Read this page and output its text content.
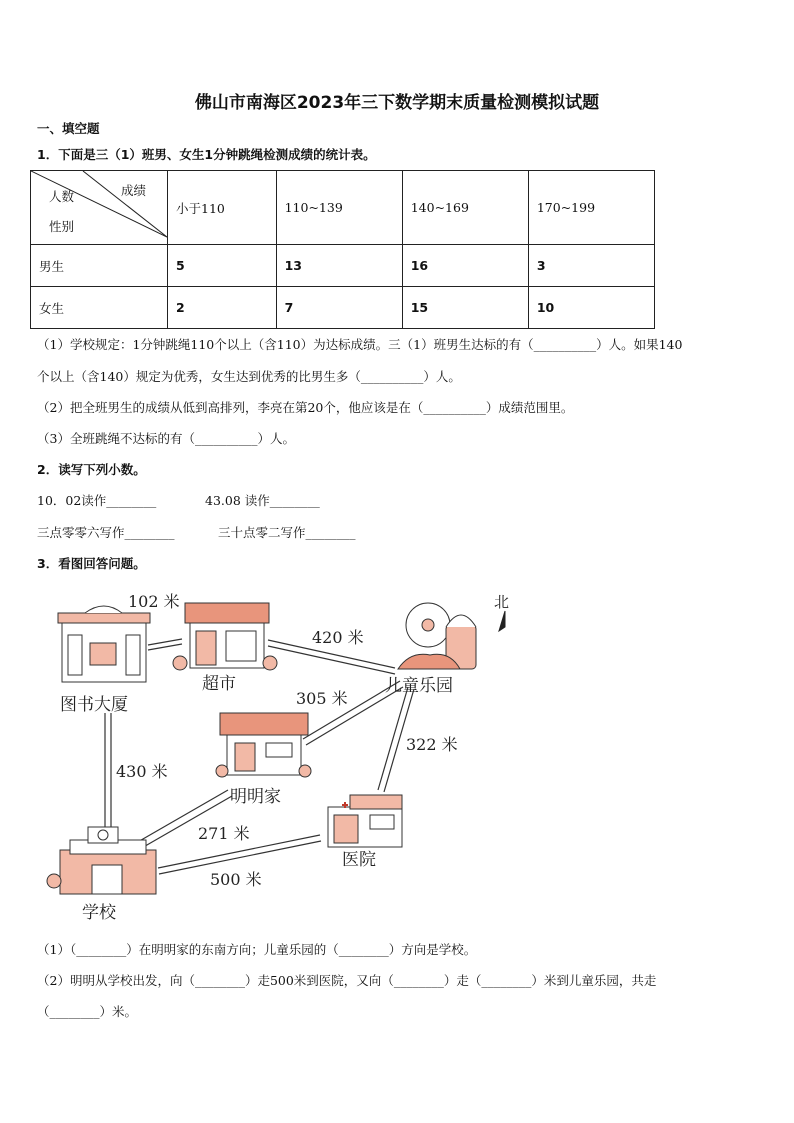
佛山市南海区2023年三下数学期末质量检测模拟试题
一、填空题
1．下面是三（1）班男、女生1分钟跳绳检测成绩的统计表。
成绩
人数
性别	小于110	110~139	140~169	170~199
男生	5	13	16	3
女生	2	7	15	10
（1）学校规定：1分钟跳绳110个以上（含110）为达标成绩。三（1）班男生达标的有（__________）人。如果140
个以上（含140）规定为优秀，女生达到优秀的比男生多（__________）人。
（2）把全班男生的成绩从低到高排列，李亮在第20个，他应该是在（__________）成绩范围里。
（3）全班跳绳不达标的有（__________）人。
2．读写下列小数。
10．02读作________	43.08 读作________
三点零零六写作________	三十点零二写作________
3．看图回答问题。
图书大厦
超市
北
儿童乐园
明明家
医院
学校
102 米
420 米
305 米
322 米
430 米
271 米
500 米
（1）（________）在明明家的东南方向；儿童乐园的（________）方向是学校。
（2）明明从学校出发，向（________）走500米到医院，又向（________）走（________）米到儿童乐园，共走
（________）米。
